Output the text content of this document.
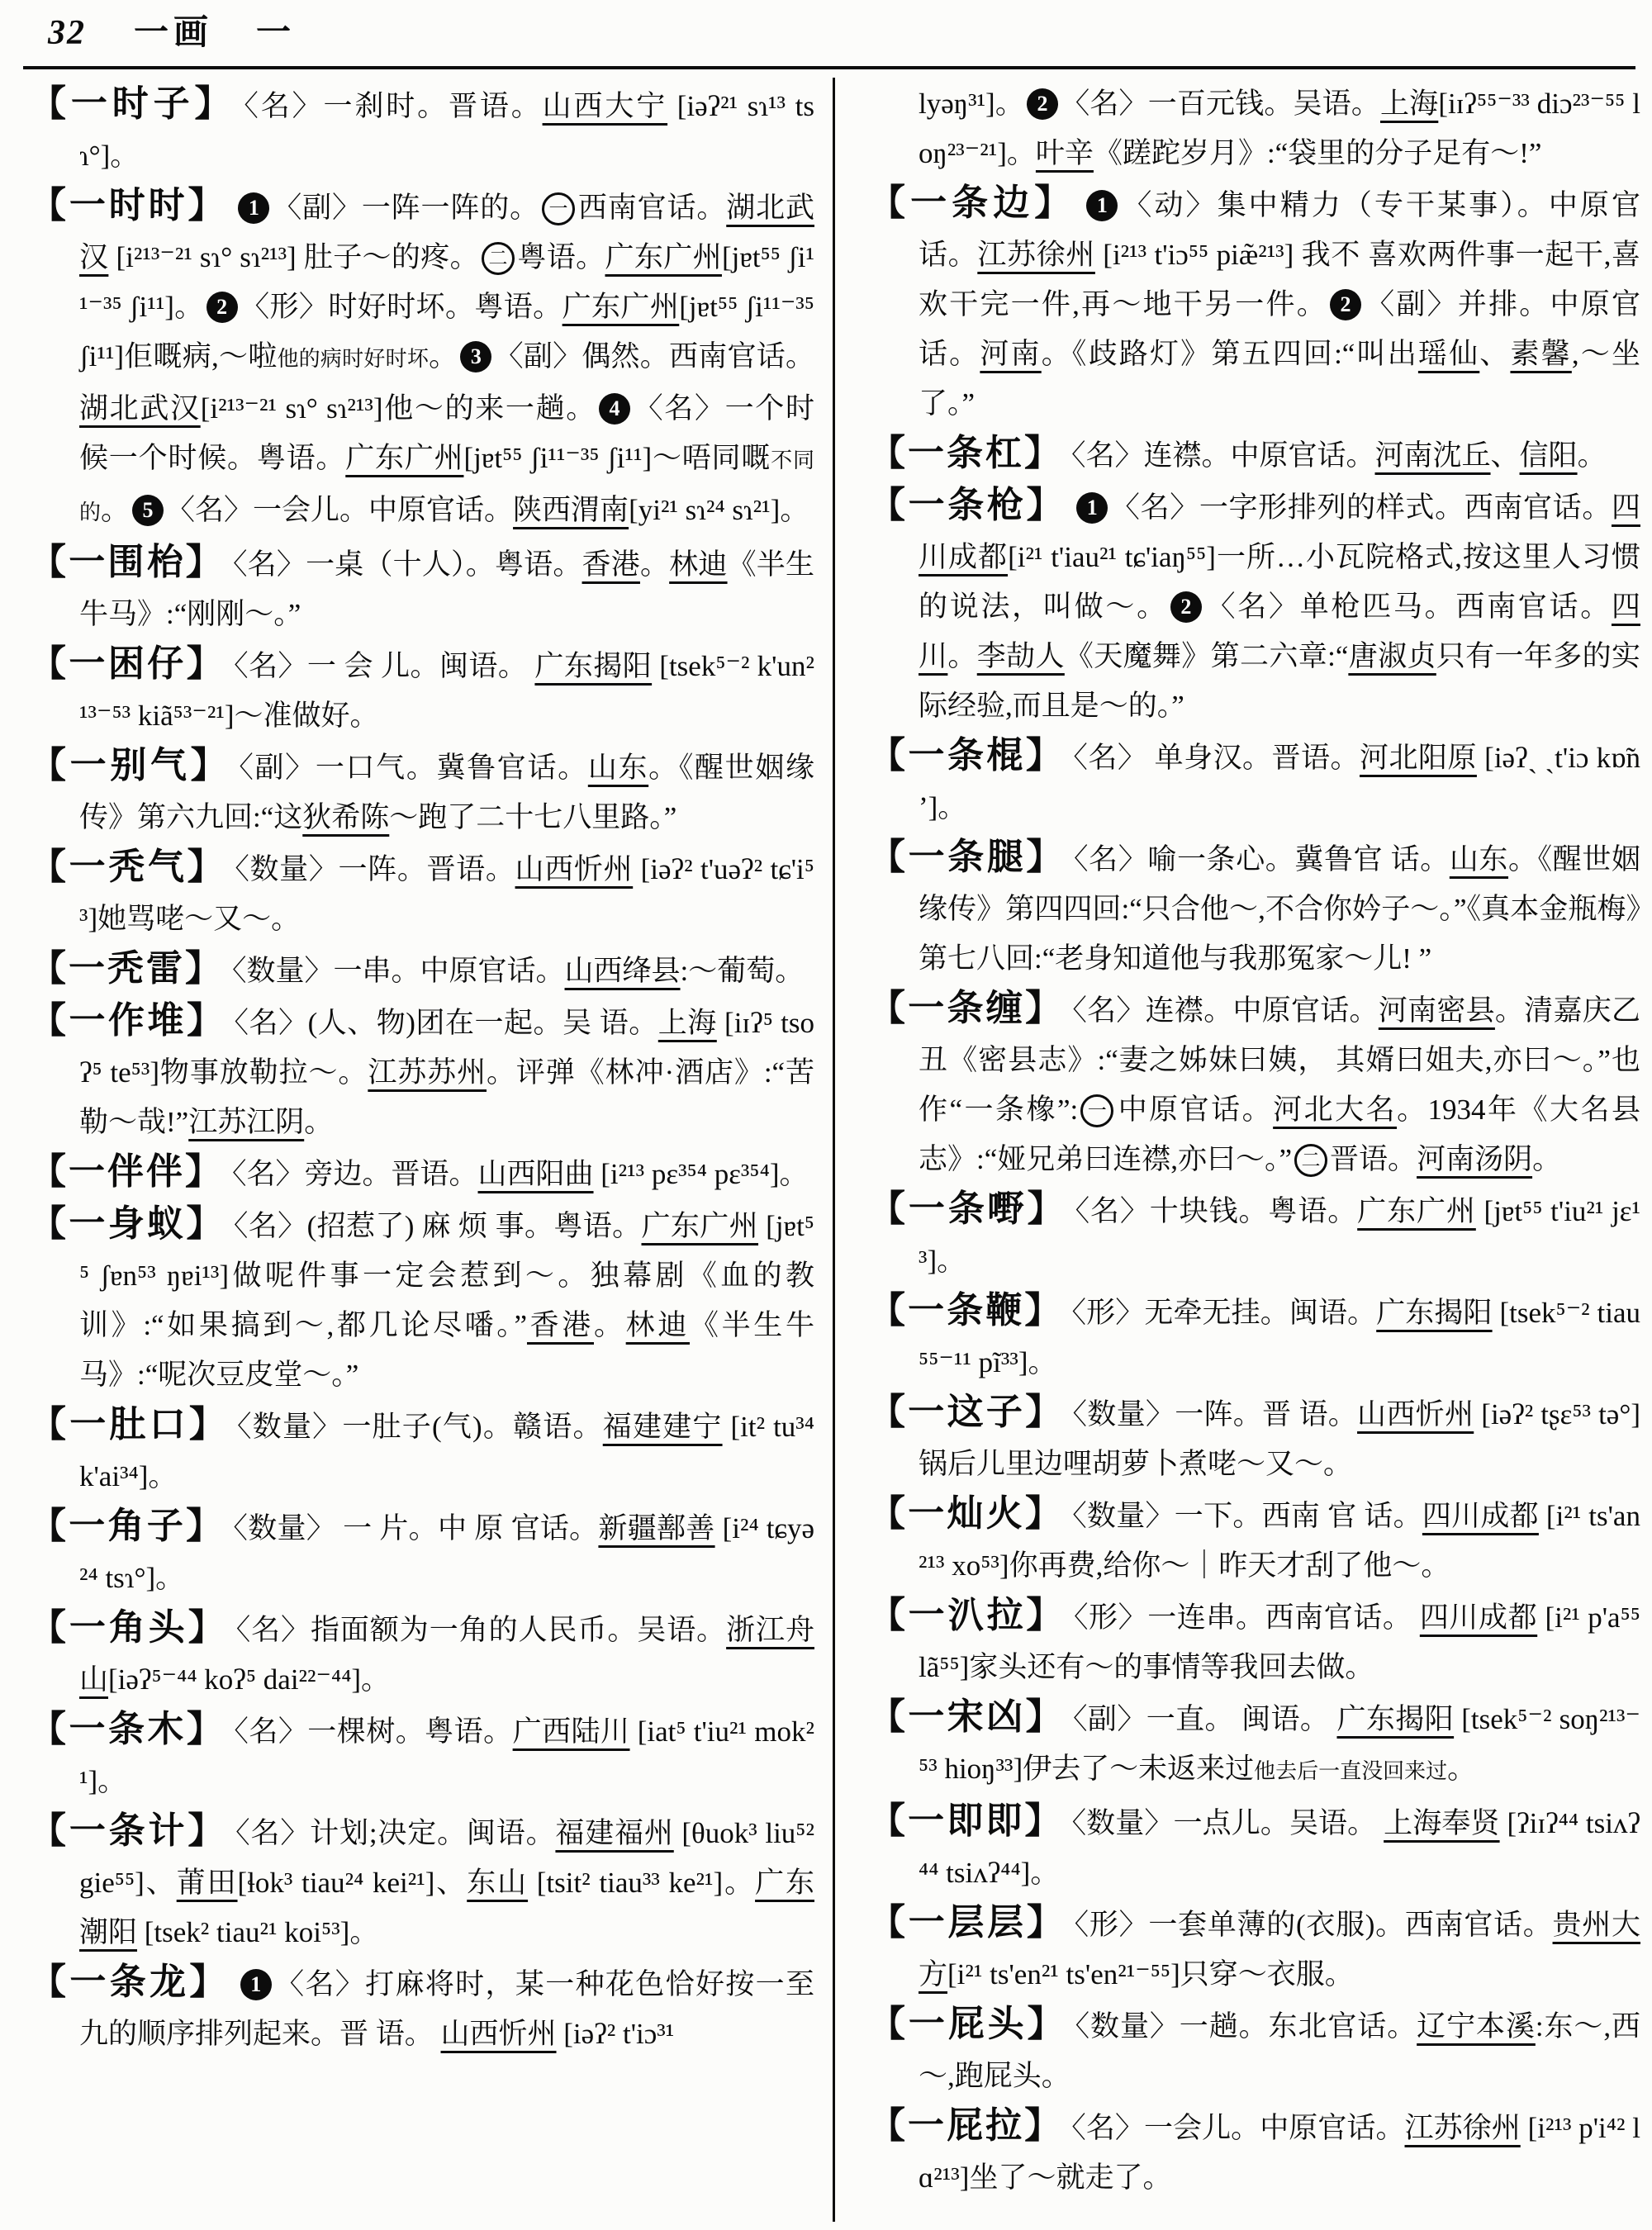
32 一画 一

【一时子】 〈名〉一刹时。晋语。山西大宁 [iəʔ²¹ sɿ¹³ tsɿ°]。

【一时时】 1 〈副〉一阵一阵的。 一 西南官话。湖北武汉 [i²¹³⁻²¹ sɿ° sɿ²¹³] 肚子～的疼。 二 粤语。广东广州[jɐt⁵⁵ ʃi¹¹⁻³⁵ ʃi¹¹]。 2 〈形〉时好时坏。粤语。广东广州[jɐt⁵⁵ ʃi¹¹⁻³⁵ ʃi¹¹]佢嘅病,～啦他的病时好时坏。 3 〈副〉偶然。西南官话。湖北武汉[i²¹³⁻²¹ sɿ° sɿ²¹³]他～的来一趟。 4 〈名〉一个时候一个时候。粤语。广东广州[jɐt⁵⁵ ʃi¹¹⁻³⁵ ʃi¹¹]～唔同嘅不同的。 5 〈名〉一会儿。中原官话。陕西渭南[yi²¹ sɿ²⁴ sɿ²¹]。

【一围枱】 〈名〉一桌（十人）。粤语。香港。林迪《半生牛马》:“刚刚～。”

【一困仔】 〈名〉一 会 儿。闽语。 广东揭阳 [tsek⁵⁻² k'un²¹³⁻⁵³ kiã⁵³⁻²¹]～准做好。

【一别气】 〈副〉一口气。冀鲁官话。山东。《醒世姻缘传》第六九回:“这狄希陈～跑了二十七八里路。”

【一秃气】 〈数量〉一阵。晋语。山西忻州 [iəʔ² t'uəʔ² tɕ'i⁵³]她骂咾～又～。

【一秃雷】 〈数量〉一串。中原官话。山西绛县:～葡萄。

【一作堆】 〈名〉(人、物)团在一起。吴 语。上海 [iɪʔ⁵ tsoʔ⁵ te⁵³]物事放勒拉～。江苏苏州。评弹《林冲·酒店》:“苦勒～哉!”江苏江阴。

【一伴伴】 〈名〉旁边。晋语。山西阳曲 [i²¹³ pɛ³⁵⁴ pɛ³⁵⁴]。

【一身蚁】 〈名〉(招惹了) 麻 烦 事。粤语。广东广州 [jɐt⁵⁵ ʃɐn⁵³ ŋɐi¹³]做呢件事一定会惹到～。独幕剧《血的教训》:“如果搞到～,都几论尽噃。”香港。林迪《半生牛马》:“呢次豆皮堂～。”

【一肚口】 〈数量〉一肚子(气)。赣语。福建建宁 [it² tu³⁴ k'ai³⁴]。

【一角子】 〈数量〉 一 片。中 原 官话。新疆鄯善 [i²⁴ tɕyə²⁴ tsɿ°]。

【一角头】 〈名〉指面额为一角的人民币。吴语。浙江舟山[iəʔ⁵⁻⁴⁴ koʔ⁵ dai²²⁻⁴⁴]。

【一条木】 〈名〉一棵树。粤语。广西陆川 [iat⁵ t'iu²¹ mok²¹]。

【一条计】 〈名〉计划;决定。闽语。福建福州 [θuok³ liu⁵² gie⁵⁵]、莆田[ɬok³ tiau²⁴ kei²¹]、东山 [tsit² tiau³³ ke²¹]。广东潮阳 [tsek² tiau²¹ koi⁵³]。

【一条龙】 1 〈名〉打麻将时，某一种花色恰好按一至九的顺序排列起来。晋 语。 山西忻州 [iəʔ² t'iɔ³¹

lyəŋ³¹]。 2 〈名〉一百元钱。吴语。上海[iɪʔ⁵⁵⁻³³ diɔ²³⁻⁵⁵ loŋ²³⁻²¹]。叶辛《蹉跎岁月》:“袋里的分子足有～!”

【一条边】 1 〈动〉集中精力（专干某事）。中原官话。江苏徐州 [i²¹³ t'iɔ⁵⁵ piæ̃²¹³] 我不 喜欢两件事一起干,喜欢干完一件,再～地干另一件。 2 〈副〉并排。中原官话。河南。《歧路灯》第五四回:“叫出瑶仙、素馨,～坐了。”

【一条杠】 〈名〉连襟。中原官话。河南沈丘、信阳。

【一条枪】 1 〈名〉一字形排列的样式。西南官话。四川成都[i²¹ t'iau²¹ tɕ'iaŋ⁵⁵]一所…小瓦院格式,按这里人习惯的说法，叫做～。 2 〈名〉单枪匹马。西南官话。四川。李劼人《天魔舞》第二六章:“唐淑贞只有一年多的实际经验,而且是～的。”

【一条棍】 〈名〉 单身汉。晋语。河北阳原 [iəʔˏ ˏt'iɔ kɒ̃nʼ]。

【一条腿】 〈名〉喻一条心。冀鲁官 话。山东。《醒世姻缘传》第四四回:“只合他～,不合你妗子～。”《真本金瓶梅》第七八回:“老身知道他与我那冤家～儿! ”

【一条缠】 〈名〉连襟。中原官话。河南密县。清嘉庆乙丑《密县志》:“妻之姊妹曰姨， 其婿曰姐夫,亦曰～。”也作“一条橡”: 一 中原官话。河北大名。1934年《大名县志》:“娅兄弟曰连襟,亦曰～。” 二 晋语。河南汤阴。

【一条嘢】 〈名〉十块钱。粤语。广东广州 [jɐt⁵⁵ t'iu²¹ jɛ¹³]。

【一条鞭】 〈形〉无牵无挂。闽语。广东揭阳 [tsek⁵⁻² tiau⁵⁵⁻¹¹ pĩ³³]。

【一这子】 〈数量〉一阵。晋 语。山西忻州 [iəʔ² tʂɛ⁵³ tə°]锅后儿里边哩胡萝卜煮咾～又～。

【一灿火】 〈数量〉一下。西南 官 话。四川成都 [i²¹ ts'an²¹³ xo⁵³]你再费,给你～｜昨天才刮了他～。

【一汃拉】 〈形〉一连串。西南官话。 四川成都 [i²¹ p'a⁵⁵ lã⁵⁵]家头还有～的事情等我回去做。

【一宋凶】 〈副〉一直。 闽语。 广东揭阳 [tsek⁵⁻² soŋ²¹³⁻⁵³ hioŋ³³]伊去了～未返来过他去后一直没回来过。

【一即即】 〈数量〉一点儿。吴语。 上海奉贤 [ʔiɪʔ⁴⁴ tsiʌʔ⁴⁴ tsiʌʔ⁴⁴]。

【一层层】 〈形〉一套单薄的(衣服)。西南官话。贵州大方[i²¹ ts'en²¹ ts'en²¹⁻⁵⁵]只穿～衣服。

【一屁头】 〈数量〉一趟。东北官话。辽宁本溪:东～,西～,跑屁头。

【一屁拉】 〈名〉一会儿。中原官话。江苏徐州 [i²¹³ p'i⁴² lɑ²¹³]坐了～就走了。
